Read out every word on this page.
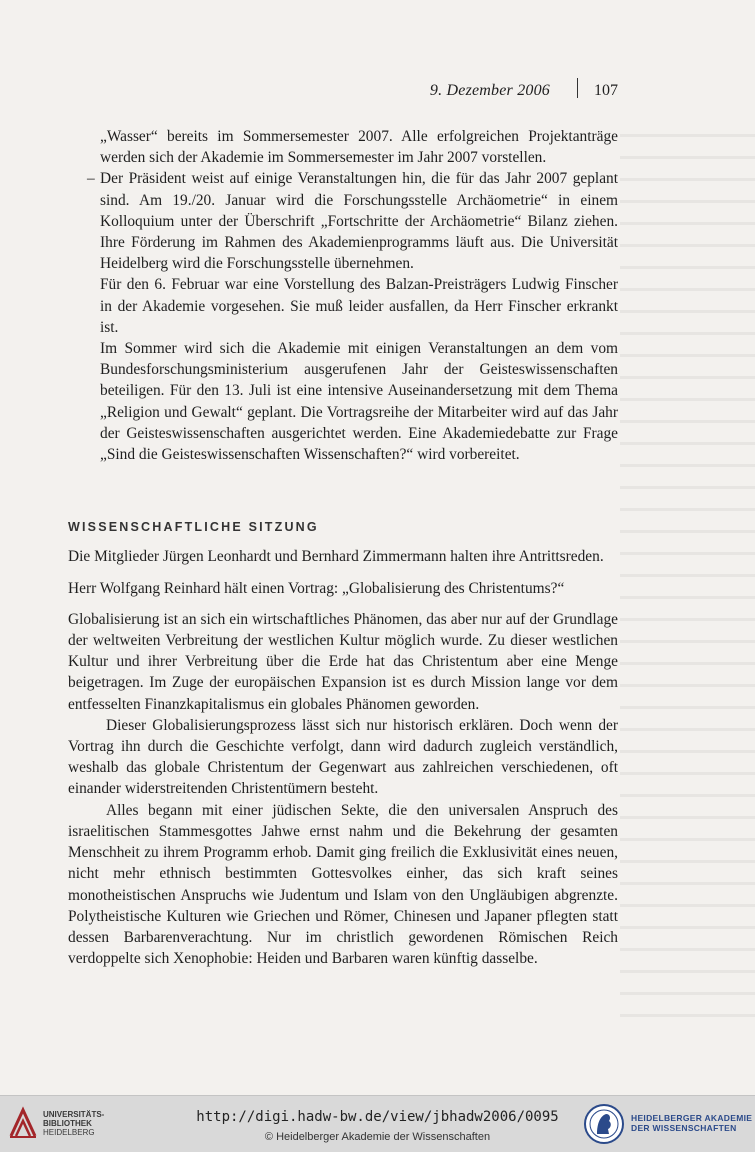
9. Dezember 2006	107

„Wasser“ bereits im Sommersemester 2007. Alle erfolgreichen Projektanträge werden sich der Akademie im Sommersemester im Jahr 2007 vorstellen.

– Der Präsident weist auf einige Veranstaltungen hin, die für das Jahr 2007 geplant sind. Am 19./20. Januar wird die Forschungsstelle Archäometrie“ in einem Kolloquium unter der Überschrift „Fortschritte der Archäometrie“ Bilanz ziehen. Ihre Förderung im Rahmen des Akademienprogramms läuft aus. Die Universität Heidelberg wird die Forschungsstelle übernehmen.

Für den 6. Februar war eine Vorstellung des Balzan-Preisträgers Ludwig Finscher in der Akademie vorgesehen. Sie muß leider ausfallen, da Herr Finscher erkrankt ist.

Im Sommer wird sich die Akademie mit einigen Veranstaltungen an dem vom Bundesforschungsministerium ausgerufenen Jahr der Geisteswissenschaften beteiligen. Für den 13. Juli ist eine intensive Auseinandersetzung mit dem Thema „Religion und Gewalt“ geplant. Die Vortragsreihe der Mitarbeiter wird auf das Jahr der Geisteswissenschaften ausgerichtet werden. Eine Akademiedebatte zur Frage „Sind die Geisteswissenschaften Wissenschaften?“ wird vorbereitet.

WISSENSCHAFTLICHE SITZUNG

Die Mitglieder Jürgen Leonhardt und Bernhard Zimmermann halten ihre Antrittsreden.

Herr Wolfgang Reinhard hält einen Vortrag: „Globalisierung des Christentums?“

Globalisierung ist an sich ein wirtschaftliches Phänomen, das aber nur auf der Grundlage der weltweiten Verbreitung der westlichen Kultur möglich wurde. Zu dieser westlichen Kultur und ihrer Verbreitung über die Erde hat das Christentum aber eine Menge beigetragen. Im Zuge der europäischen Expansion ist es durch Mission lange vor dem entfesselten Finanzkapitalismus ein globales Phänomen geworden.

Dieser Globalisierungsprozess lässt sich nur historisch erklären. Doch wenn der Vortrag ihn durch die Geschichte verfolgt, dann wird dadurch zugleich verständlich, weshalb das globale Christentum der Gegenwart aus zahlreichen verschiedenen, oft einander widerstreitenden Christentümern besteht.

Alles begann mit einer jüdischen Sekte, die den universalen Anspruch des israelitischen Stammesgottes Jahwe ernst nahm und die Bekehrung der gesamten Menschheit zu ihrem Programm erhob. Damit ging freilich die Exklusivität eines neuen, nicht mehr ethnisch bestimmten Gottesvolkes einher, das sich kraft seines monotheistischen Anspruchs wie Judentum und Islam von den Ungläubigen abgrenzte. Polytheistische Kulturen wie Griechen und Römer, Chinesen und Japaner pflegten statt dessen Barbarenverachtung. Nur im christlich gewordenen Römischen Reich verdoppelte sich Xenophobie: Heiden und Barbaren waren künftig dasselbe.

UNIVERSITÄTS-
BIBLIOTHEK
HEIDELBERG
http://digi.hadw-bw.de/view/jbhadw2006/0095
© Heidelberger Akademie der Wissenschaften
HEIDELBERGER AKADEMIE
DER WISSENSCHAFTEN
